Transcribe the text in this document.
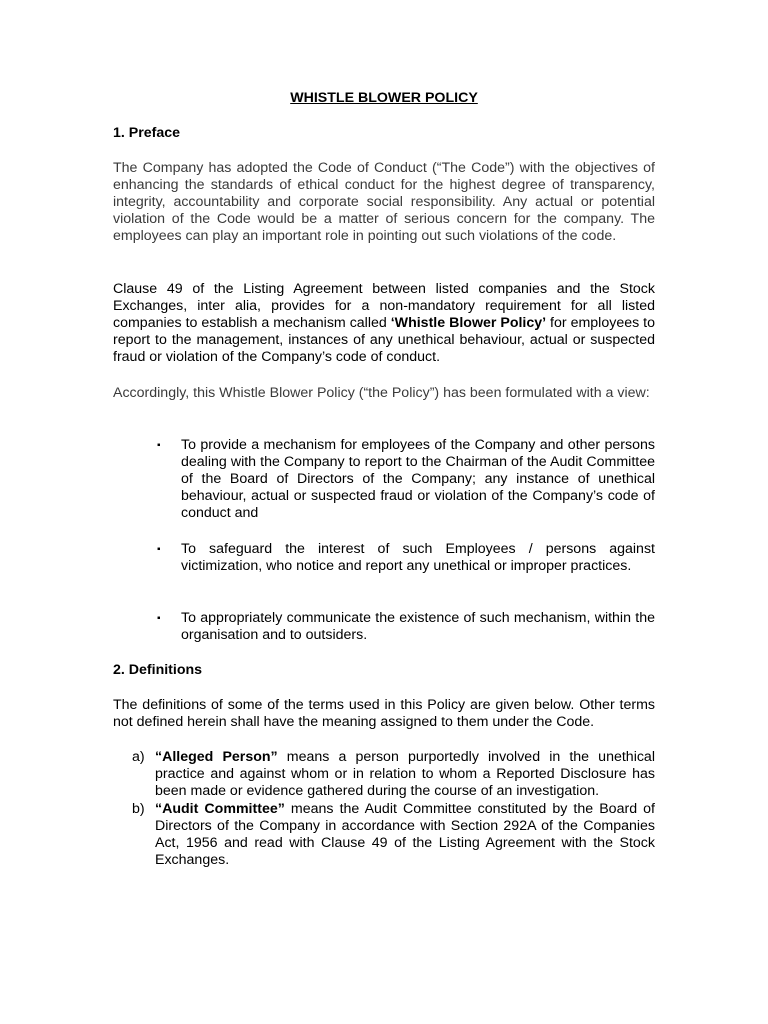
WHISTLE BLOWER POLICY
1. Preface

The Company has adopted the Code of Conduct (“The Code”) with the objectives of enhancing the standards of ethical conduct for the highest degree of transparency, integrity, accountability and corporate social responsibility. Any actual or potential violation of the Code would be a matter of serious concern for the company. The employees can play an important role in pointing out such violations of the code.

Clause 49 of the Listing Agreement between listed companies and the Stock Exchanges, inter alia, provides for a non-mandatory requirement for all listed companies to establish a mechanism called ‘Whistle Blower Policy’ for employees to report to the management, instances of any unethical behaviour, actual or suspected fraud or violation of the Company’s code of conduct.

Accordingly, this Whistle Blower Policy (“the Policy”) has been formulated with a view:

▪	To provide a mechanism for employees of the Company and other persons dealing with the Company to report to the Chairman of the Audit Committee of the Board of Directors of the Company; any instance of unethical behaviour, actual or suspected fraud or violation of the Company’s code of conduct and

▪	To safeguard the interest of such Employees / persons against victimization, who notice and report any unethical or improper practices.

▪	To appropriately communicate the existence of such mechanism, within the organisation and to outsiders.

2. Definitions

The definitions of some of the terms used in this Policy are given below. Other terms not defined herein shall have the meaning assigned to them under the Code.

a) “Alleged Person” means a person purportedly involved in the unethical practice and against whom or in relation to whom a Reported Disclosure has been made or evidence gathered during the course of an investigation.

b) “Audit Committee” means the Audit Committee constituted by the Board of Directors of the Company in accordance with Section 292A of the Companies Act, 1956 and read with Clause 49 of the Listing Agreement with the Stock Exchanges.
